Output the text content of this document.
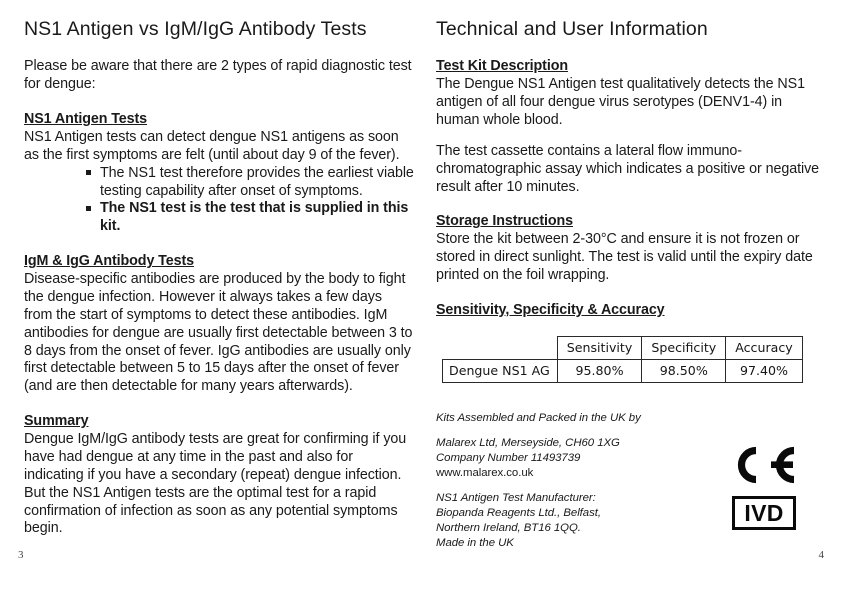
NS1 Antigen vs IgM/IgG Antibody Tests

Please be aware that there are 2 types of rapid diagnostic test for dengue:

NS1 Antigen Tests

NS1 Antigen tests can detect dengue NS1 antigens as soon as the first symptoms are felt (until about day 9 of the fever).

The NS1 test therefore provides the earliest viable testing capability after onset of symptoms.
The NS1 test is the test that is supplied in this kit.
IgM & IgG Antibody Tests

Disease-specific antibodies are produced by the body to fight the dengue infection. However it always takes a few days from the start of symptoms to detect these antibodies. IgM antibodies for dengue are usually first detectable between 3 to 8 days from the onset of fever. IgG antibodies are usually only first detectable between 5 to 15 days after the onset of fever (and are then detectable for many years afterwards).

Summary

Dengue IgM/IgG antibody tests are great for confirming if you have had dengue at any time in the past and also for indicating if you have a secondary (repeat) dengue infection. But the NS1 Antigen tests are the optimal test for a rapid confirmation of infection as soon as any potential symptoms begin.

Technical and User Information
Test Kit Description

The Dengue NS1 Antigen test qualitatively detects the NS1 antigen of all four dengue virus serotypes (DENV1-4) in human whole blood.

The test cassette contains a lateral flow immuno-chromatographic assay which indicates a positive or negative result after 10 minutes.

Storage Instructions

Store the kit between 2-30°C and ensure it is not frozen or stored in direct sunlight. The test is valid until the expiry date printed on the foil wrapping.

Sensitivity, Specificity & Accuracy
	Sensitivity	Specificity	Accuracy
Dengue NS1 AG	95.80%	98.50%	97.40%

Kits Assembled and Packed in the UK by

Malarex Ltd, Merseyside, CH60 1XG

Company Number 11493739

www.malarex.co.uk

NS1 Antigen Test Manufacturer:

Biopanda Reagents Ltd., Belfast,

Northern Ireland, BT16 1QQ.

Made in the UK

IVD
3	4
